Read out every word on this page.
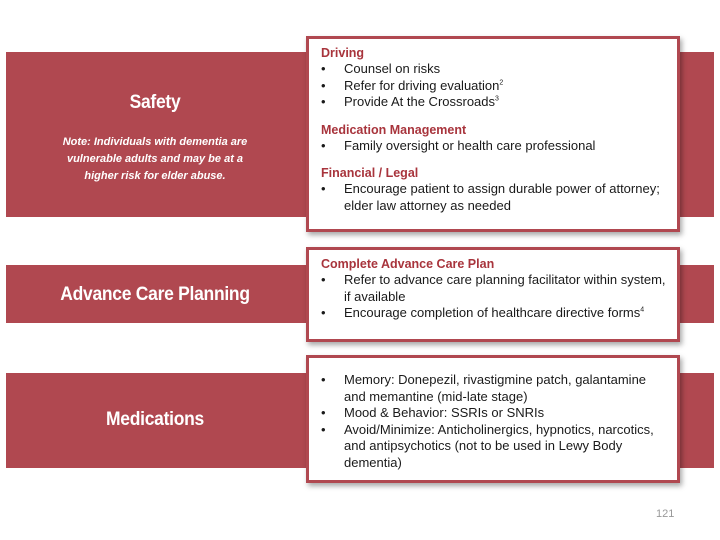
Safety
Note: Individuals with dementia are vulnerable adults and may be at a higher risk for elder abuse.
Driving
• Counsel on risks
• Refer for driving evaluation$^2$
• Provide At the Crossroads$^3$
Medication Management
• Family oversight or health care professional
Financial / Legal
• Encourage patient to assign durable power of attorney; elder law attorney as needed
Advance Care Planning
Complete Advance Care Plan
• Refer to advance care planning facilitator within system, if available
• Encourage completion of healthcare directive forms$^4$
Medications
• Memory: Donepezil, rivastigmine patch, galantamine and memantine (mid-late stage)
• Mood & Behavior: SSRIs or SNRIs
• Avoid/Minimize: Anticholinergics, hypnotics, narcotics, and antipsychotics (not to be used in Lewy Body dementia)
121
